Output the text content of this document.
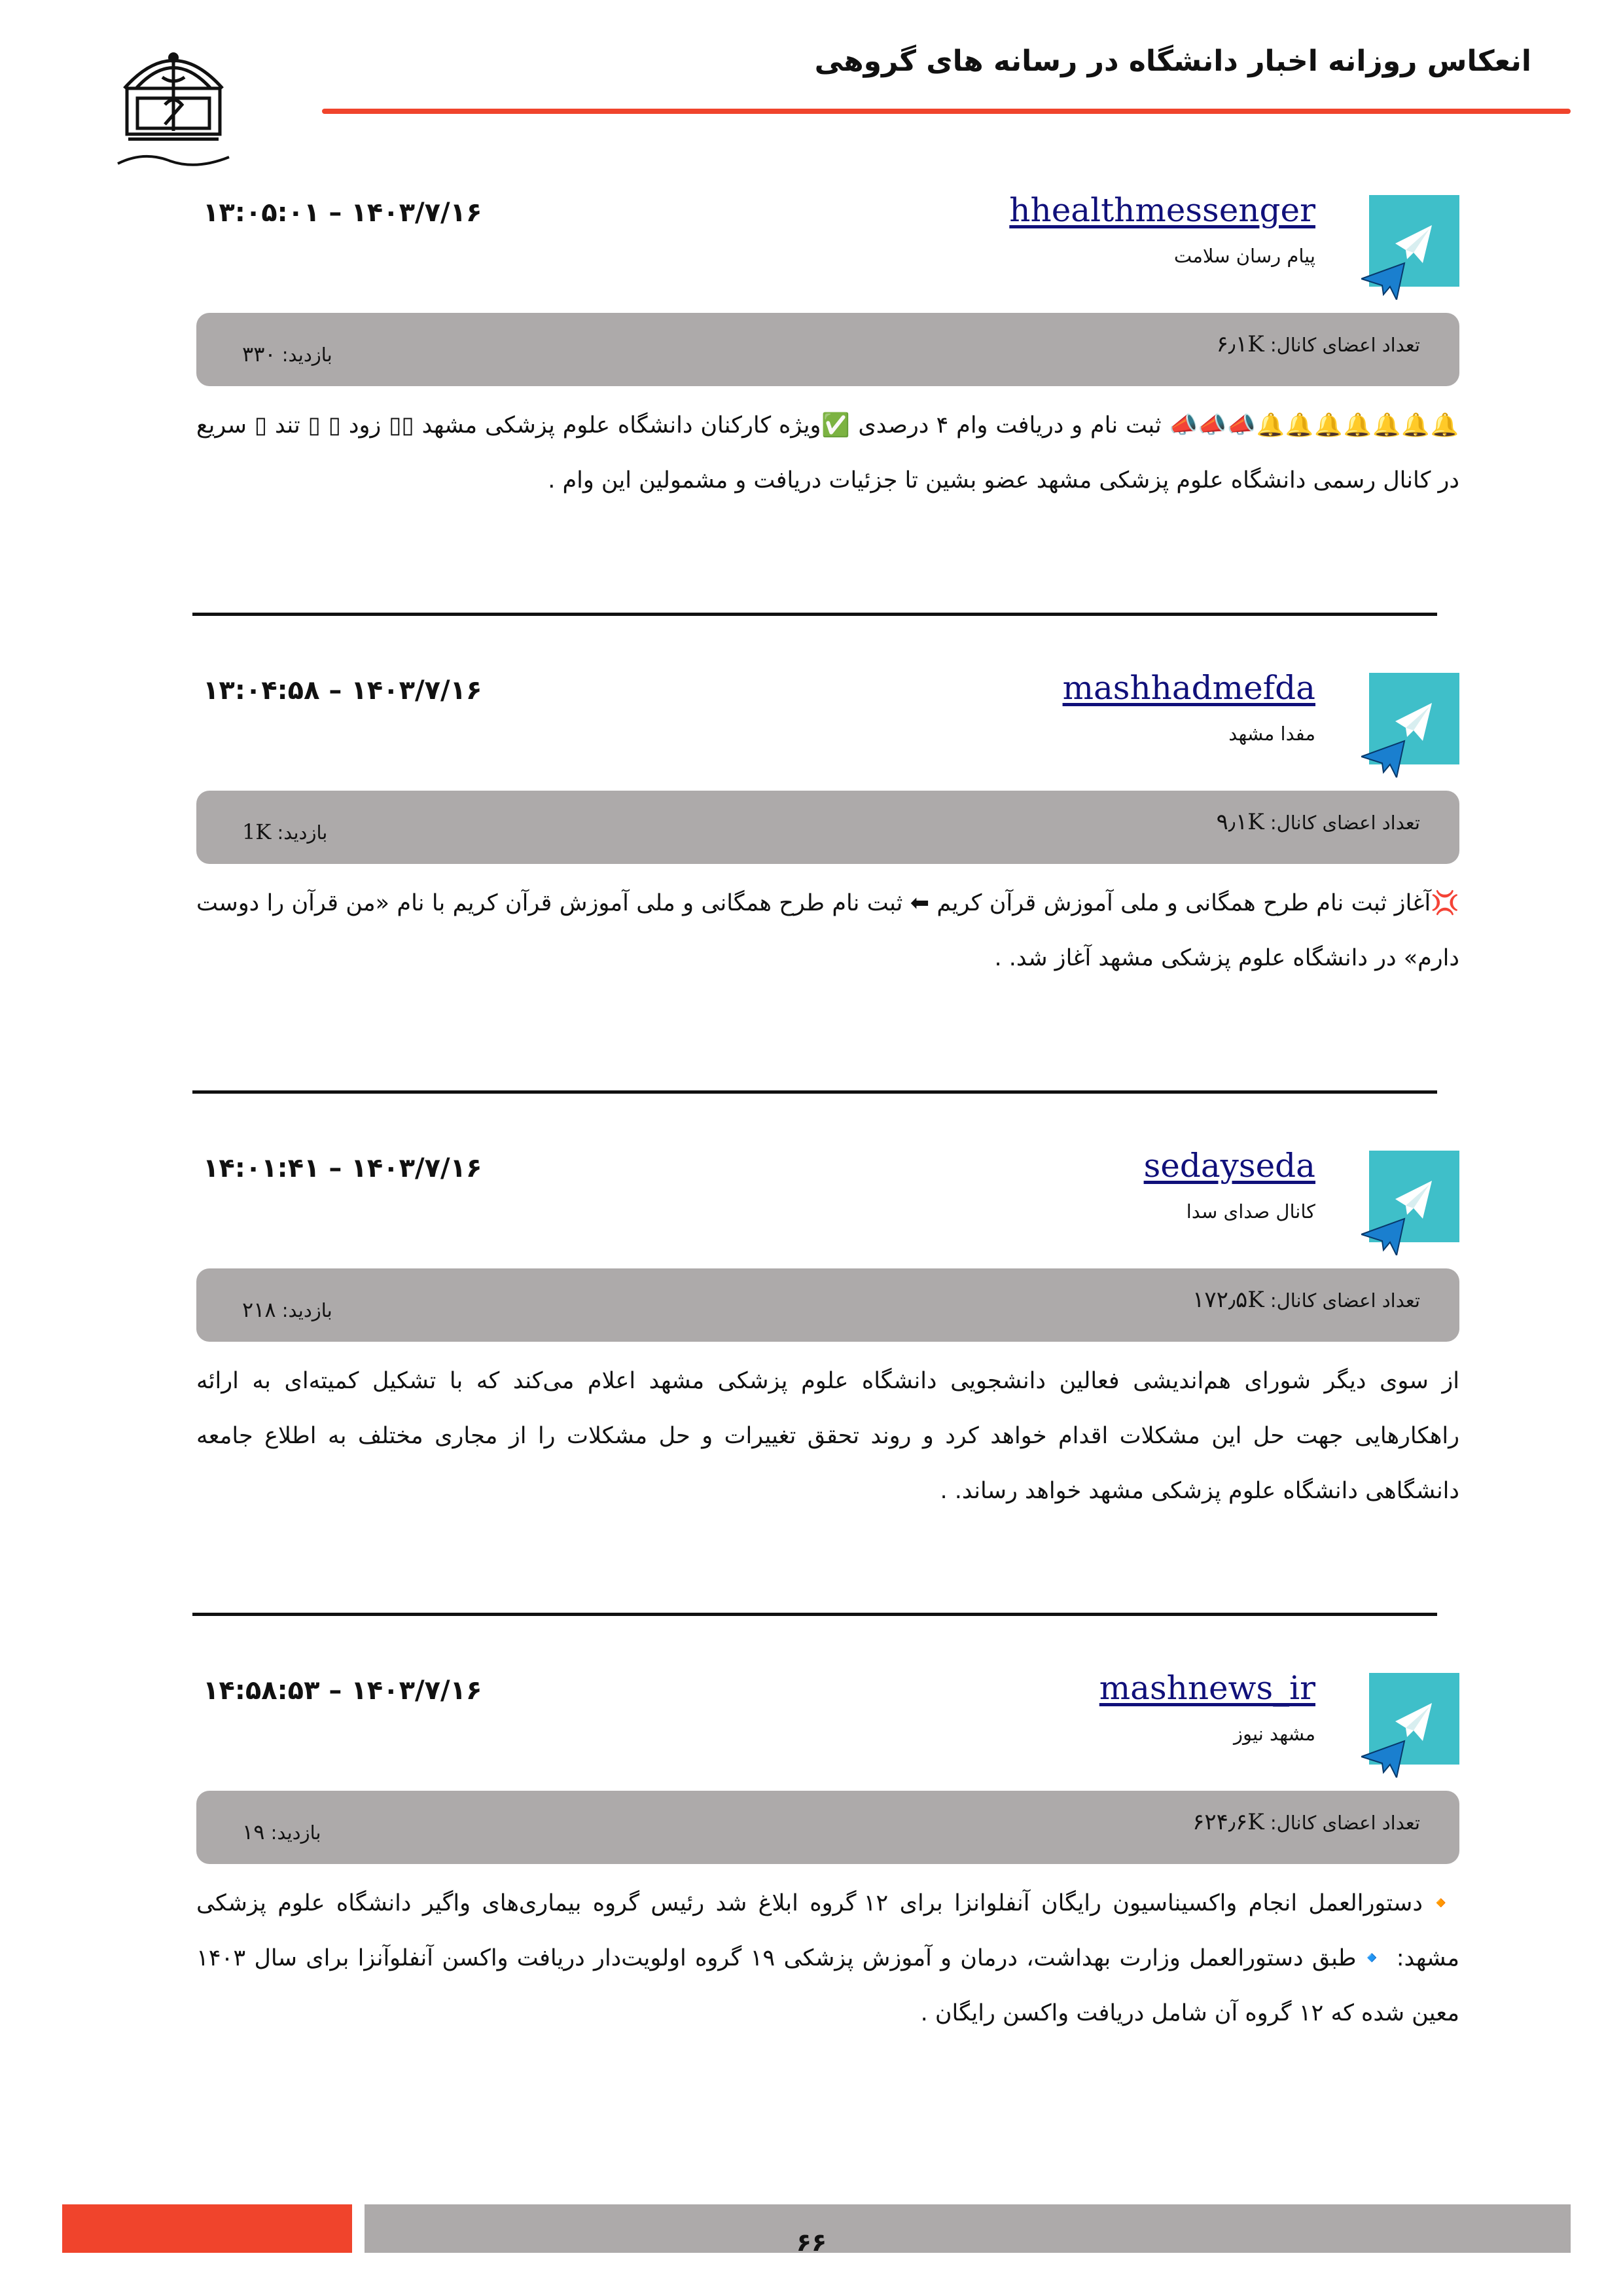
انعکاس روزانه اخبار دانشگاه در رسانه های گروهی
hhealthmessenger
پیام رسان سلامت
۱۴۰۳/۷/۱۶ – ۱۳:۰۵:۰۱
تعداد اعضای کانال: ۶٫۱K
بازدید: ۳۳۰
🔔🔔🔔🔔🔔🔔🔔📣📣📣 ثبت نام و دریافت وام ۴ درصدی ✅ویژه کارکنان دانشگاه علوم پزشکی مشهد ▯▯ زود ▯ ▯ تند ▯ سریع در کانال رسمی دانشگاه علوم پزشکی مشهد عضو بشین تا جزئیات دریافت و مشمولین این وام .
mashhadmefda
مفدا مشهد
۱۴۰۳/۷/۱۶ – ۱۳:۰۴:۵۸
تعداد اعضای کانال: ۹٫۱K
بازدید: 1K
💢آغاز ثبت نام طرح همگانی و ملی آموزش قرآن کریم ⬅ ثبت نام طرح همگانی و ملی آموزش قرآن کریم با نام «من قرآن را دوست دارم» در دانشگاه علوم پزشکی مشهد آغاز شد. .
sedayseda
کانال صدای سدا
۱۴۰۳/۷/۱۶ – ۱۴:۰۱:۴۱
تعداد اعضای کانال: ۱۷۲٫۵K
بازدید: ۲۱۸
از سوی دیگر شورای هم‌اندیشی فعالین دانشجویی دانشگاه علوم پزشکی مشهد اعلام می‌کند که با تشکیل کمیته‌ای به ارائه راهکارهایی جهت حل این مشکلات اقدام خواهد کرد و روند تحقق تغییرات و حل مشکلات را از مجاری مختلف به اطلاع جامعه دانشگاهی دانشگاه علوم پزشکی مشهد خواهد رساند. .
mashnews_ir
مشهد نیوز
۱۴۰۳/۷/۱۶ – ۱۴:۵۸:۵۳
تعداد اعضای کانال: ۶۲۴٫۶K
بازدید: ۱۹
🔸دستورالعمل انجام واکسیناسیون رایگان آنفلوانزا برای ۱۲ گروه ابلاغ شد رئیس گروه بیماری‌های واگیر دانشگاه علوم پزشکی مشهد: 🔹طبق دستورالعمل وزارت بهداشت، درمان و آموزش پزشکی ۱۹ گروه اولویت‌دار دریافت واکسن آنفلوآنزا برای سال ۱۴۰۳ معین شده که ۱۲ گروه آن شامل دریافت واکسن رایگان .
۶۶
